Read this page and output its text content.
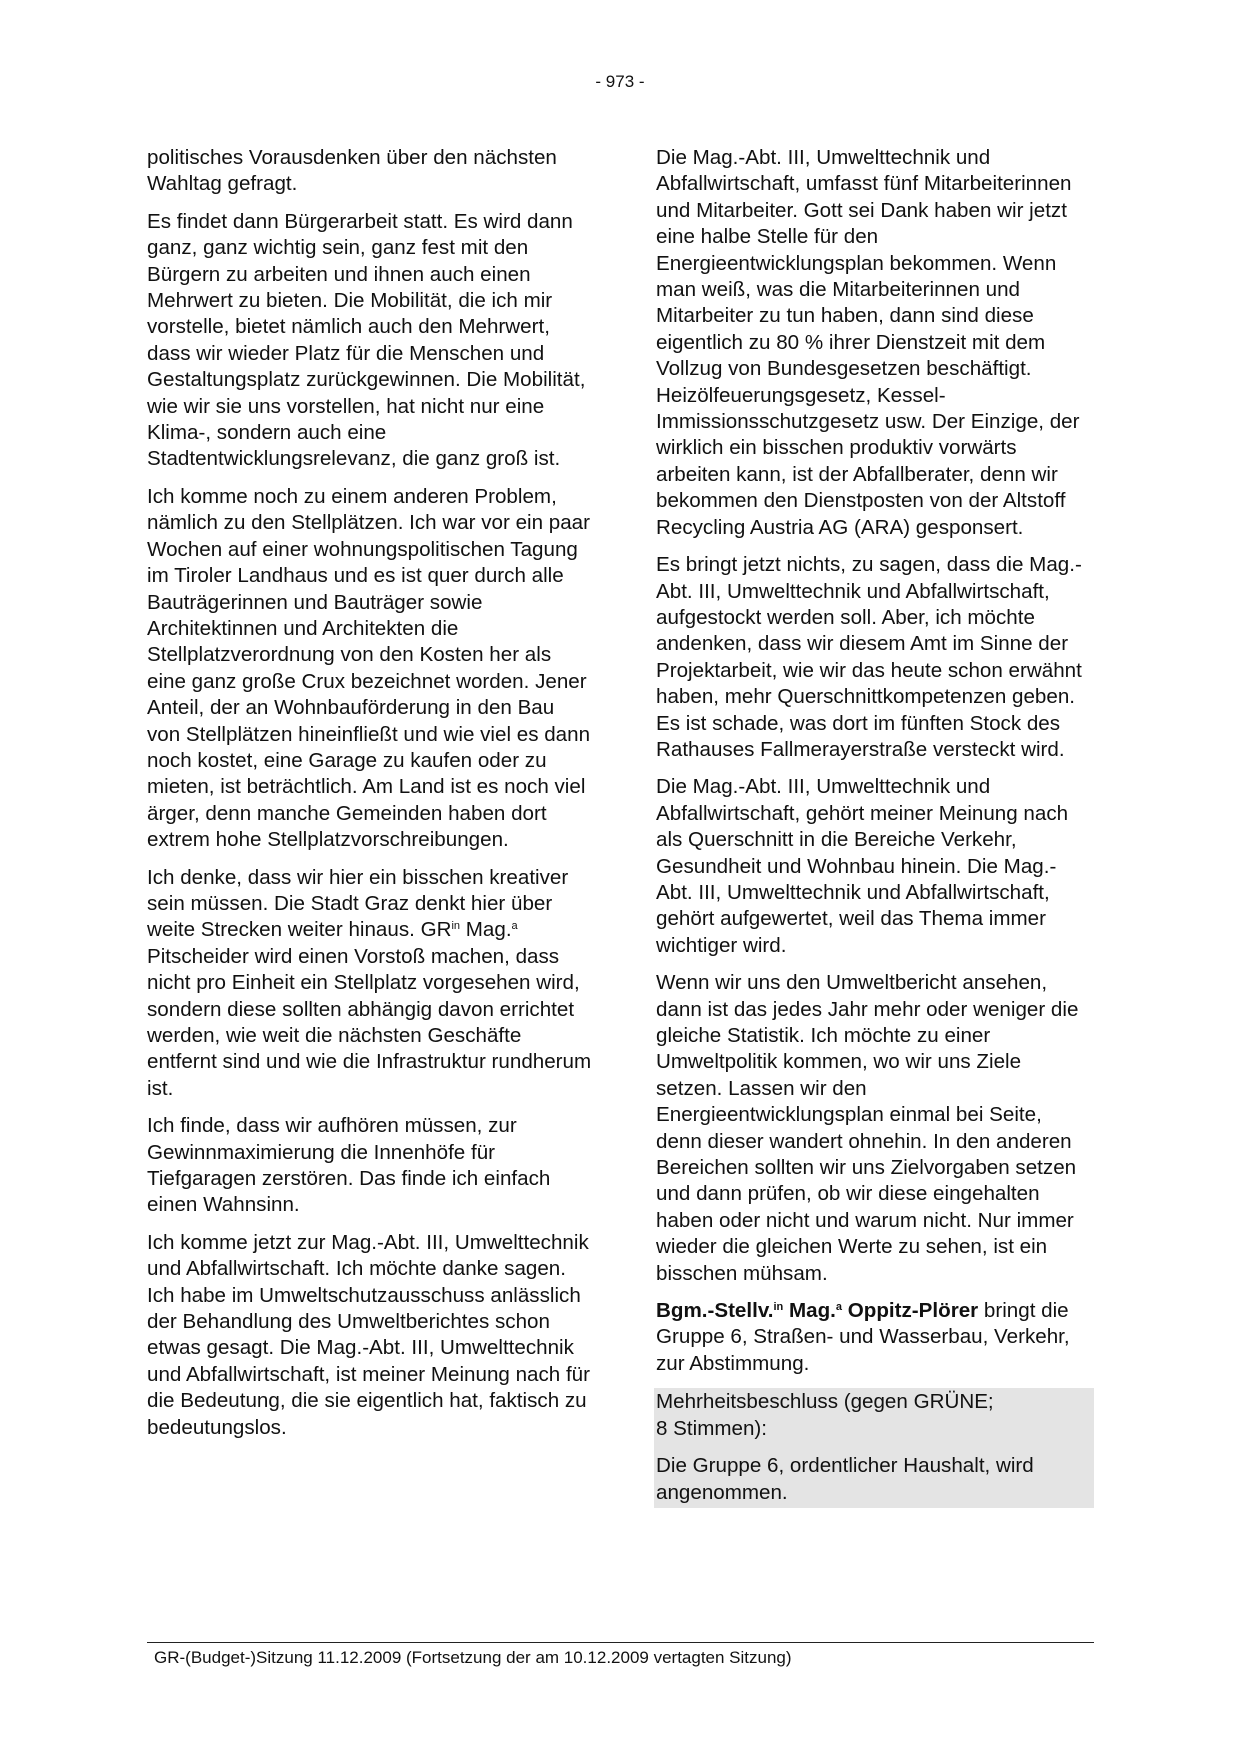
- 973 -

politisches Vorausdenken über den nächsten Wahltag gefragt.

Es findet dann Bürgerarbeit statt. Es wird dann ganz, ganz wichtig sein, ganz fest mit den Bürgern zu arbeiten und ihnen auch einen Mehrwert zu bieten. Die Mobilität, die ich mir vorstelle, bietet nämlich auch den Mehrwert, dass wir wieder Platz für die Menschen und Gestaltungsplatz zurückgewinnen. Die Mobilität, wie wir sie uns vorstellen, hat nicht nur eine Klima-, sondern auch eine Stadtentwicklungsrelevanz, die ganz groß ist.

Ich komme noch zu einem anderen Problem, nämlich zu den Stellplätzen. Ich war vor ein paar Wochen auf einer wohnungspolitischen Tagung im Tiroler Landhaus und es ist quer durch alle Bauträgerinnen und Bauträger sowie Architektinnen und Architekten die Stellplatzverordnung von den Kosten her als eine ganz große Crux bezeichnet worden. Jener Anteil, der an Wohnbauförderung in den Bau von Stellplätzen hineinfließt und wie viel es dann noch kostet, eine Garage zu kaufen oder zu mieten, ist beträchtlich. Am Land ist es noch viel ärger, denn manche Gemeinden haben dort extrem hohe Stellplatzvorschreibungen.

Ich denke, dass wir hier ein bisschen kreativer sein müssen. Die Stadt Graz denkt hier über weite Strecken weiter hinaus. $GR^{in}$ Mag.$^a$ Pitscheider wird einen Vorstoß machen, dass nicht pro Einheit ein Stellplatz vorgesehen wird, sondern diese sollten abhängig davon errichtet werden, wie weit die nächsten Geschäfte entfernt sind und wie die Infrastruktur rundherum ist.

Ich finde, dass wir aufhören müssen, zur Gewinnmaximierung die Innenhöfe für Tiefgaragen zerstören. Das finde ich einfach einen Wahnsinn.

Ich komme jetzt zur Mag.-Abt. III, Umwelttechnik und Abfallwirtschaft. Ich möchte danke sagen. Ich habe im Umweltschutzausschuss anlässlich der Behandlung des Umweltberichtes schon etwas gesagt. Die Mag.-Abt. III, Umwelttechnik und Abfallwirtschaft, ist meiner Meinung nach für die Bedeutung, die sie eigentlich hat, faktisch zu bedeutungslos.

Die Mag.-Abt. III, Umwelttechnik und Abfallwirtschaft, umfasst fünf Mitarbeiterinnen und Mitarbeiter. Gott sei Dank haben wir jetzt eine halbe Stelle für den Energieentwicklungsplan bekommen. Wenn man weiß, was die Mitarbeiterinnen und Mitarbeiter zu tun haben, dann sind diese eigentlich zu 80 % ihrer Dienstzeit mit dem Vollzug von Bundesgesetzen beschäftigt. Heizölfeuerungsgesetz, Kessel-Immissionsschutzgesetz usw. Der Einzige, der wirklich ein bisschen produktiv vorwärts arbeiten kann, ist der Abfallberater, denn wir bekommen den Dienstposten von der Altstoff Recycling Austria AG (ARA) gesponsert.

Es bringt jetzt nichts, zu sagen, dass die Mag.-Abt. III, Umwelttechnik und Abfallwirtschaft, aufgestockt werden soll. Aber, ich möchte andenken, dass wir diesem Amt im Sinne der Projektarbeit, wie wir das heute schon erwähnt haben, mehr Querschnittkompetenzen geben. Es ist schade, was dort im fünften Stock des Rathauses Fallmerayerstraße versteckt wird.

Die Mag.-Abt. III, Umwelttechnik und Abfallwirtschaft, gehört meiner Meinung nach als Querschnitt in die Bereiche Verkehr, Gesundheit und Wohnbau hinein. Die Mag.-Abt. III, Umwelttechnik und Abfallwirtschaft, gehört aufgewertet, weil das Thema immer wichtiger wird.

Wenn wir uns den Umweltbericht ansehen, dann ist das jedes Jahr mehr oder weniger die gleiche Statistik. Ich möchte zu einer Umweltpolitik kommen, wo wir uns Ziele setzen. Lassen wir den Energieentwicklungsplan einmal bei Seite, denn dieser wandert ohnehin. In den anderen Bereichen sollten wir uns Zielvorgaben setzen und dann prüfen, ob wir diese eingehalten haben oder nicht und warum nicht. Nur immer wieder die gleichen Werte zu sehen, ist ein bisschen mühsam.

Bgm.-Stellv.$^{in}$ Mag.$^a$ Oppitz-Plörer bringt die Gruppe 6, Straßen- und Wasserbau, Verkehr, zur Abstimmung.

Mehrheitsbeschluss (gegen GRÜNE;
8 Stimmen):

Die Gruppe 6, ordentlicher Haushalt, wird angenommen.

GR-(Budget-)Sitzung 11.12.2009 (Fortsetzung der am 10.12.2009 vertagten Sitzung)
